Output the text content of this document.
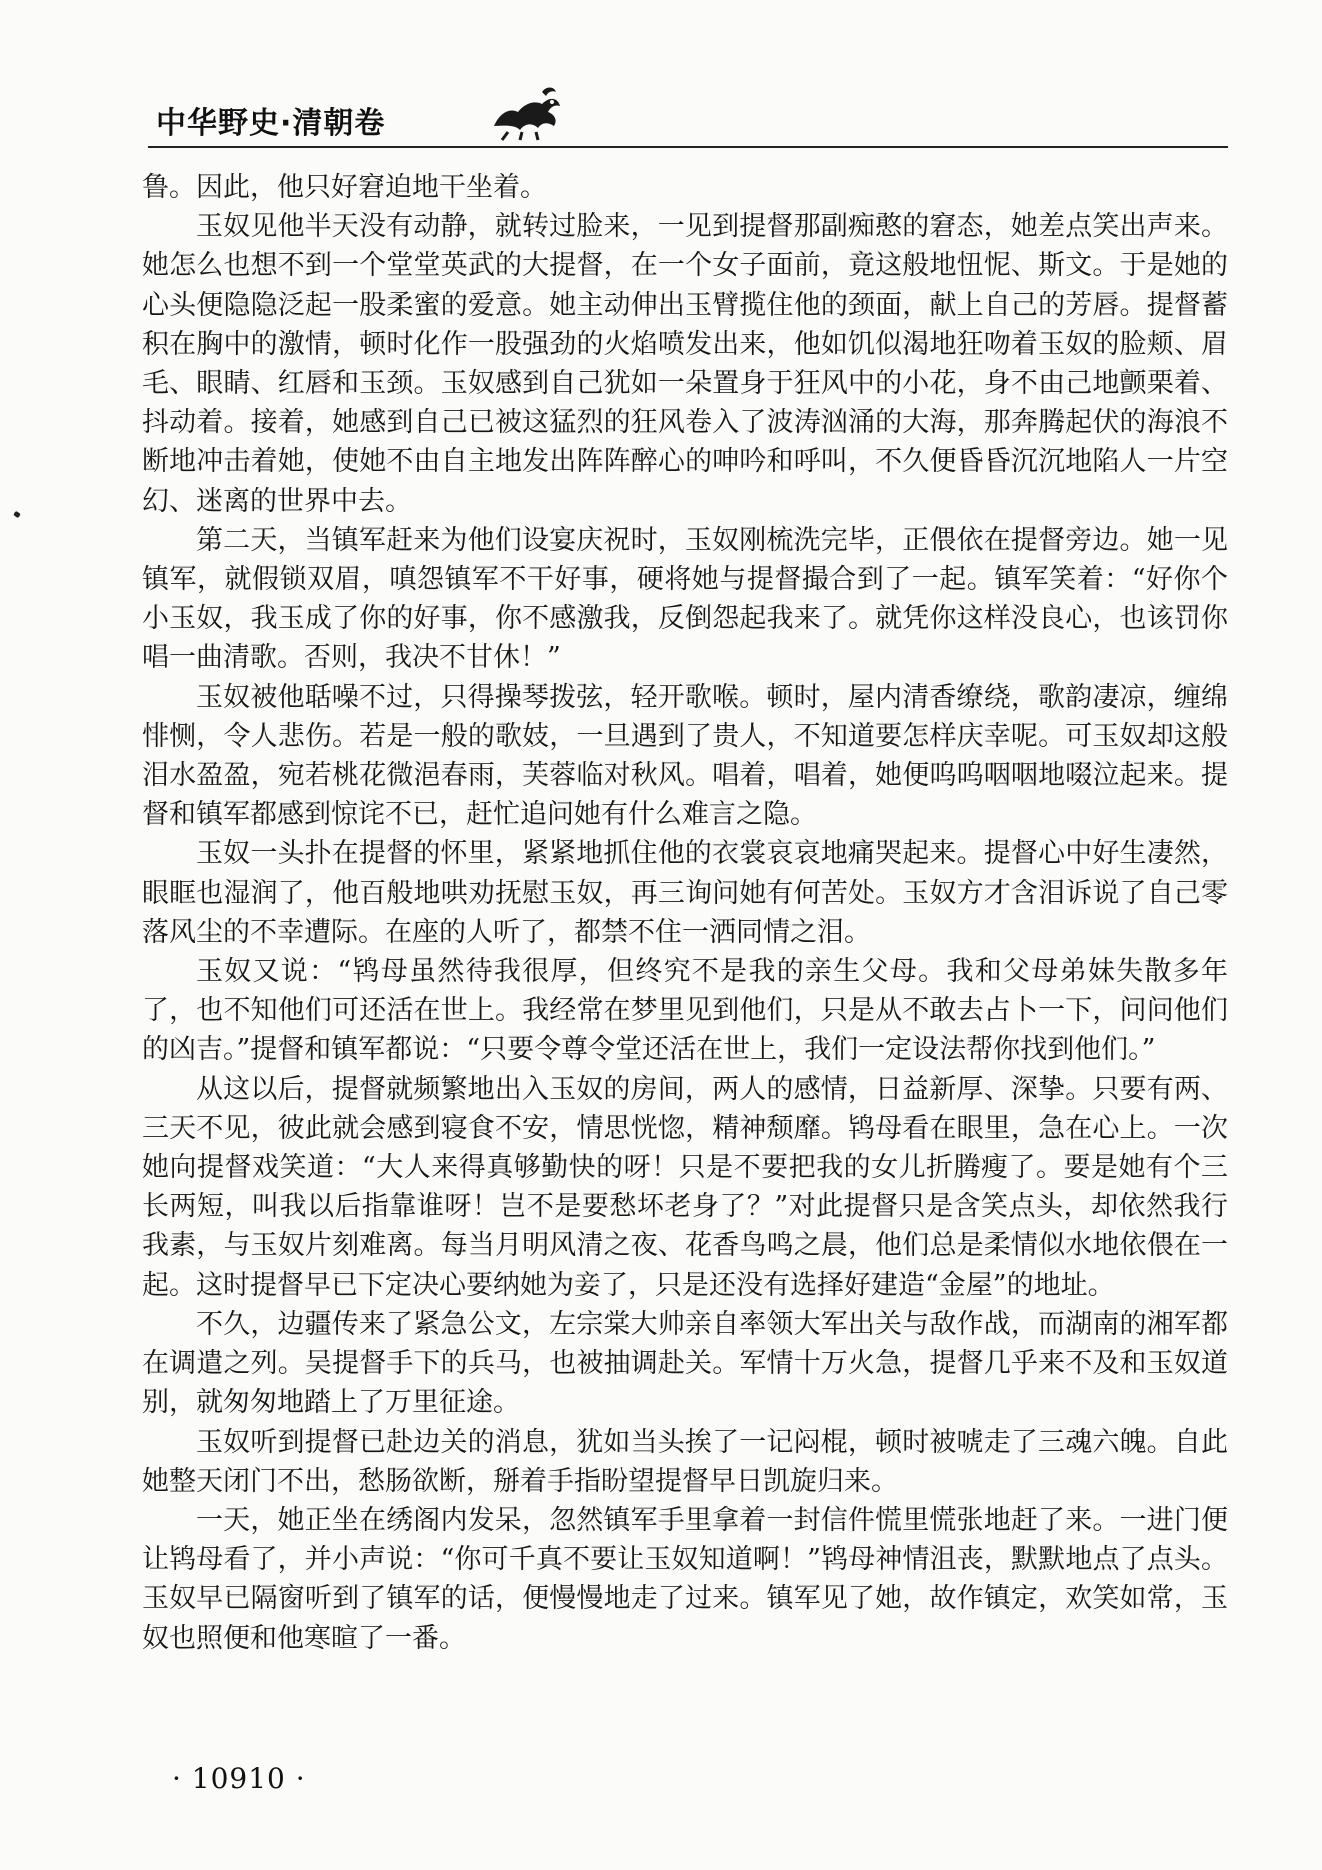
中华野史·清朝卷

鲁。因此，他只好窘迫地干坐着。

玉奴见他半天没有动静，就转过脸来，一见到提督那副痴憨的窘态，她差点笑出声来。她怎么也想不到一个堂堂英武的大提督，在一个女子面前，竟这般地忸怩、斯文。于是她的心头便隐隐泛起一股柔蜜的爱意。她主动伸出玉臂揽住他的颈面，献上自己的芳唇。提督蓄积在胸中的激情，顿时化作一股强劲的火焰喷发出来，他如饥似渴地狂吻着玉奴的脸颊、眉毛、眼睛、红唇和玉颈。玉奴感到自己犹如一朵置身于狂风中的小花，身不由己地颤栗着、抖动着。接着，她感到自己已被这猛烈的狂风卷入了波涛汹涌的大海，那奔腾起伏的海浪不断地冲击着她，使她不由自主地发出阵阵醉心的呻吟和呼叫，不久便昏昏沉沉地陷人一片空幻、迷离的世界中去。

第二天，当镇军赶来为他们设宴庆祝时，玉奴刚梳洗完毕，正偎依在提督旁边。她一见镇军，就假锁双眉，嗔怨镇军不干好事，硬将她与提督撮合到了一起。镇军笑着：“好你个小玉奴，我玉成了你的好事，你不感激我，反倒怨起我来了。就凭你这样没良心，也该罚你唱一曲清歌。否则，我决不甘休！”

玉奴被他聒噪不过，只得操琴拨弦，轻开歌喉。顿时，屋内清香缭绕，歌韵凄凉，缠绵悱恻，令人悲伤。若是一般的歌妓，一旦遇到了贵人，不知道要怎样庆幸呢。可玉奴却这般泪水盈盈，宛若桃花微浥春雨，芙蓉临对秋风。唱着，唱着，她便呜呜咽咽地啜泣起来。提督和镇军都感到惊诧不已，赶忙追问她有什么难言之隐。

玉奴一头扑在提督的怀里，紧紧地抓住他的衣裳哀哀地痛哭起来。提督心中好生凄然，眼眶也湿润了，他百般地哄劝抚慰玉奴，再三询问她有何苦处。玉奴方才含泪诉说了自己零落风尘的不幸遭际。在座的人听了，都禁不住一洒同情之泪。

玉奴又说：“鸨母虽然待我很厚，但终究不是我的亲生父母。我和父母弟妹失散多年了，也不知他们可还活在世上。我经常在梦里见到他们，只是从不敢去占卜一下，问问他们的凶吉。”提督和镇军都说：“只要令尊令堂还活在世上，我们一定设法帮你找到他们。”

从这以后，提督就频繁地出入玉奴的房间，两人的感情，日益新厚、深挚。只要有两、三天不见，彼此就会感到寝食不安，情思恍惚，精神颓靡。鸨母看在眼里，急在心上。一次她向提督戏笑道：“大人来得真够勤快的呀！只是不要把我的女儿折腾瘦了。要是她有个三长两短，叫我以后指靠谁呀！岂不是要愁坏老身了？”对此提督只是含笑点头，却依然我行我素，与玉奴片刻难离。每当月明风清之夜、花香鸟鸣之晨，他们总是柔情似水地依偎在一起。这时提督早已下定决心要纳她为妾了，只是还没有选择好建造“金屋”的地址。

不久，边疆传来了紧急公文，左宗棠大帅亲自率领大军出关与敌作战，而湖南的湘军都在调遣之列。吴提督手下的兵马，也被抽调赴关。军情十万火急，提督几乎来不及和玉奴道别，就匆匆地踏上了万里征途。

玉奴听到提督已赴边关的消息，犹如当头挨了一记闷棍，顿时被唬走了三魂六魄。自此她整天闭门不出，愁肠欲断，掰着手指盼望提督早日凯旋归来。

一天，她正坐在绣阁内发呆，忽然镇军手里拿着一封信件慌里慌张地赶了来。一进门便让鸨母看了，并小声说：“你可千真不要让玉奴知道啊！”鸨母神情沮丧，默默地点了点头。玉奴早已隔窗听到了镇军的话，便慢慢地走了过来。镇军见了她，故作镇定，欢笑如常，玉奴也照便和他寒暄了一番。

· 10910 ·
